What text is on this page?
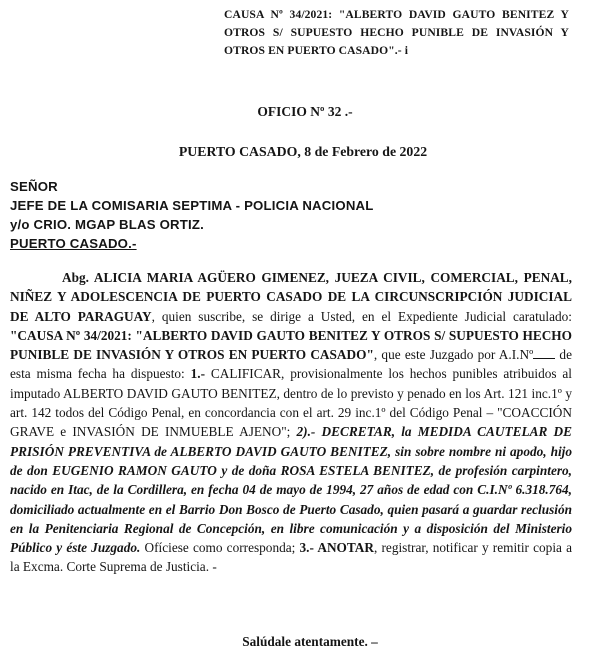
CAUSA Nº 34/2021: "ALBERTO DAVID GAUTO BENITEZ Y OTROS S/ SUPUESTO HECHO PUNIBLE DE INVASIÓN Y OTROS EN PUERTO CASADO".- i
OFICIO Nº 32 .-
PUERTO CASADO, 8 de Febrero de 2022
SEÑOR
JEFE DE LA COMISARIA SEPTIMA - POLICIA NACIONAL
y/o CRIO. MGAP BLAS ORTIZ.
PUERTO CASADO.-

Abg. ALICIA MARIA AGÜERO GIMENEZ, JUEZA CIVIL, COMERCIAL, PENAL, NIÑEZ Y ADOLESCENCIA DE PUERTO CASADO DE LA CIRCUNSCRIPCIÓN JUDICIAL DE ALTO PARAGUAY, quien suscribe, se dirige a Usted, en el Expediente Judicial caratulado: "CAUSA Nº 34/2021: "ALBERTO DAVID GAUTO BENITEZ Y OTROS S/ SUPUESTO HECHO PUNIBLE DE INVASIÓN Y OTROS EN PUERTO CASADO", que este Juzgado por A.I.Nº de esta misma fecha ha dispuesto: 1.- CALIFICAR, provisionalmente los hechos punibles atribuidos al imputado ALBERTO DAVID GAUTO BENITEZ, dentro de lo previsto y penado en los Art. 121 inc.1º y art. 142 todos del Código Penal, en concordancia con el art. 29 inc.1º del Código Penal – "COACCIÓN GRAVE e INVASIÓN DE INMUEBLE AJENO"; 2).- DECRETAR, la MEDIDA CAUTELAR DE PRISIÓN PREVENTIVA de ALBERTO DAVID GAUTO BENITEZ, sin sobre nombre ni apodo, hijo de don EUGENIO RAMON GAUTO y de doña ROSA ESTELA BENITEZ, de profesión carpintero, nacido en Itac, de la Cordillera, en fecha 04 de mayo de 1994, 27 años de edad con C.I.Nº 6.318.764, domiciliado actualmente en el Barrio Don Bosco de Puerto Casado, quien pasará a guardar reclusión en la Penitenciaria Regional de Concepción, en libre comunicación y a disposición del Ministerio Público y éste Juzgado. Ofíciese como corresponda; 3.- ANOTAR, registrar, notificar y remitir copia a la Excma. Corte Suprema de Justicia. -

Salúdale atentamente. –
